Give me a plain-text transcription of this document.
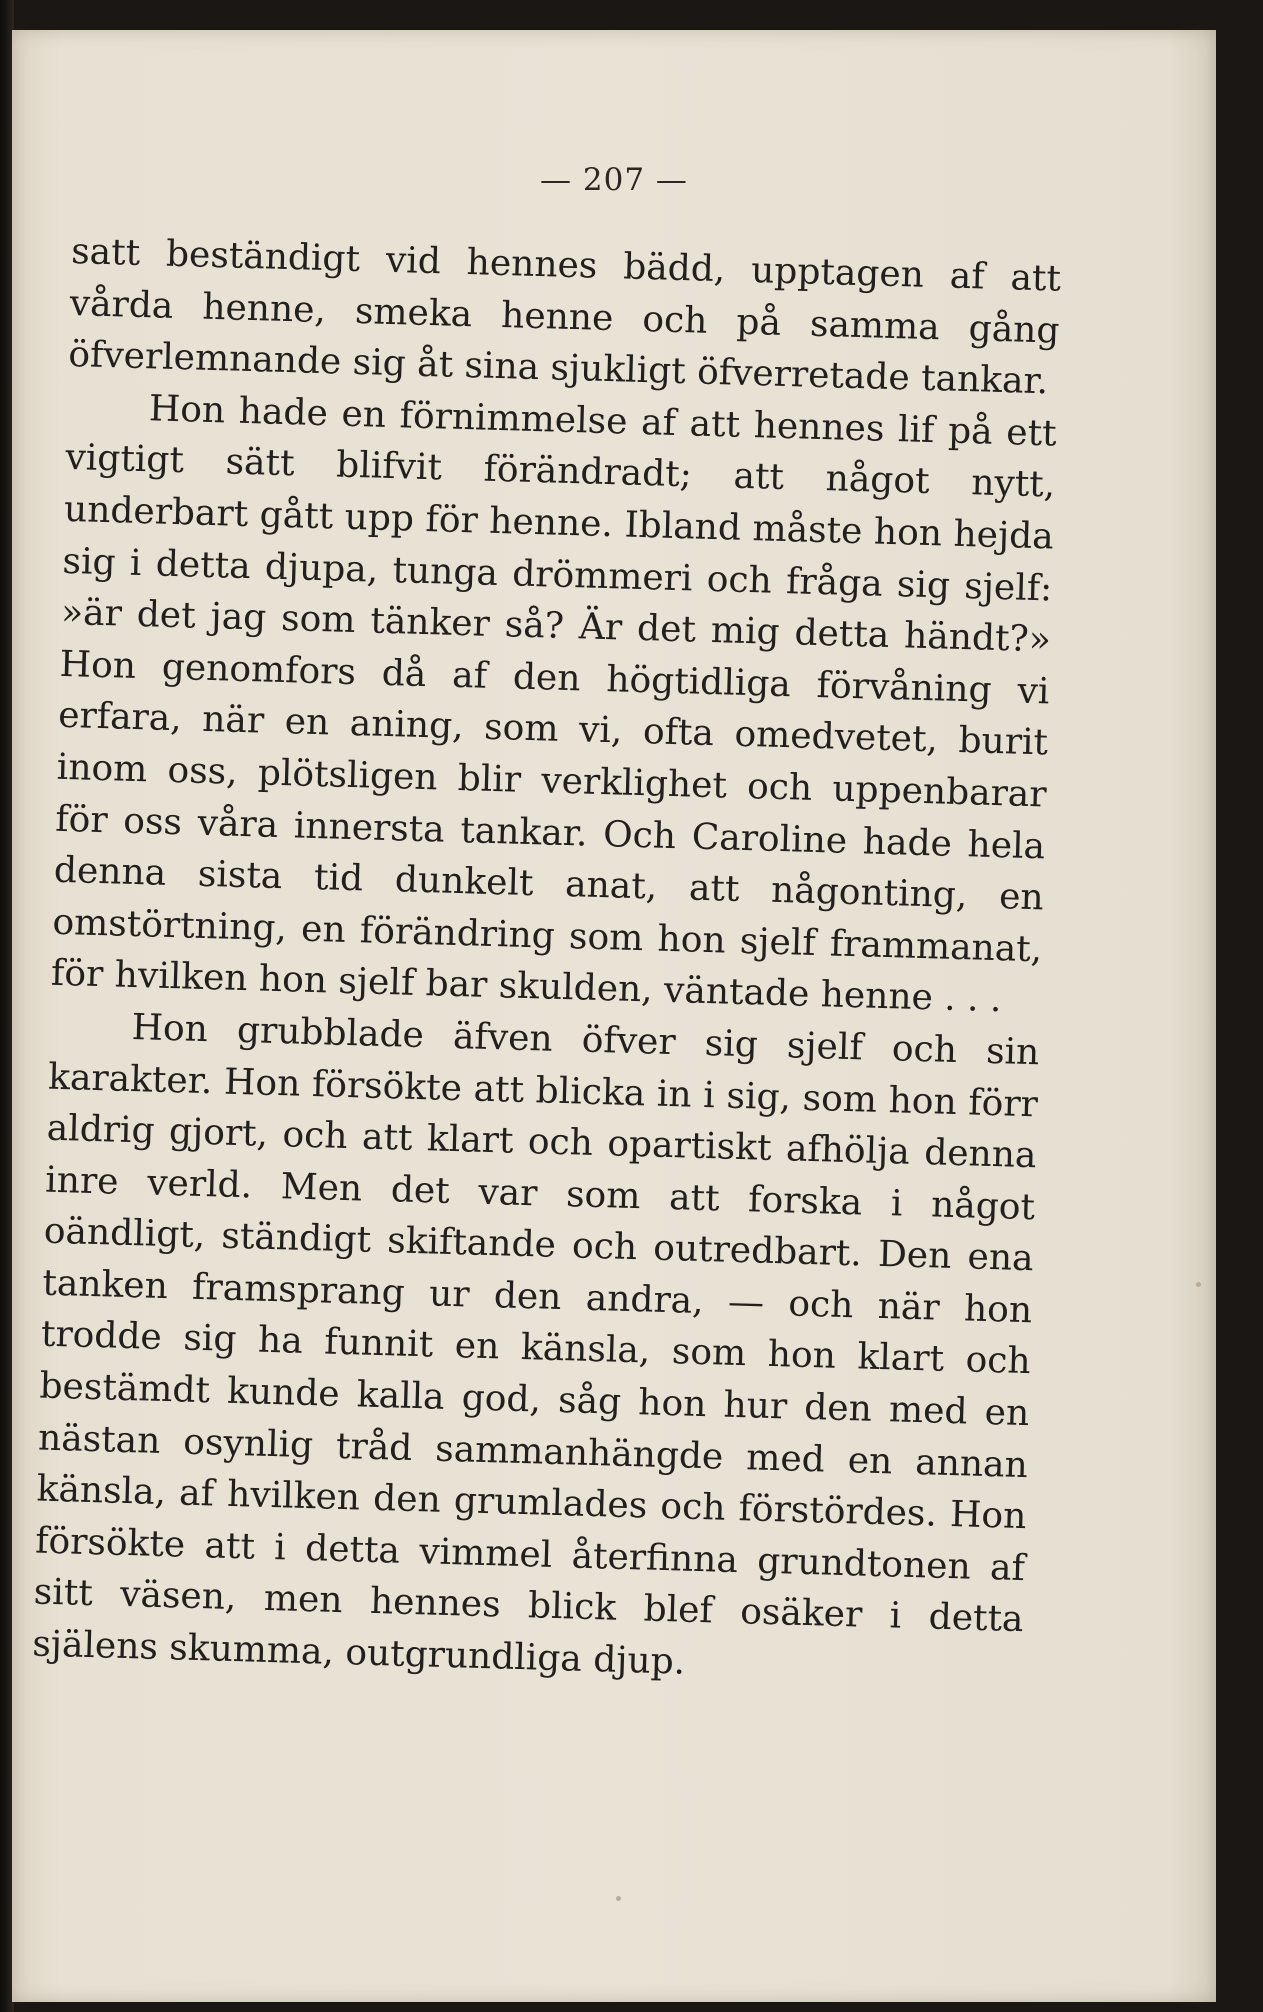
— 207 —

satt beständigt vid hennes bädd, upptagen af att vårda henne, smeka henne och på samma gång öfverlemnande sig åt sina sjukligt öfverretade tankar.

Hon hade en förnimmelse af att hennes lif på ett vigtigt sätt blifvit förändradt; att något nytt, underbart gått upp för henne. Ibland måste hon hejda sig i detta djupa, tunga drömmeri och fråga sig sjelf: »är det jag som tänker så? Är det mig detta händt?» Hon genomfors då af den högtidliga förvåning vi erfara, när en aning, som vi, ofta omedvetet, burit inom oss, plötsligen blir verklighet och uppenbarar för oss våra innersta tankar. Och Caroline hade hela denna sista tid dunkelt anat, att någonting, en omstörtning, en förändring som hon sjelf frammanat, för hvilken hon sjelf bar skulden, väntade henne . . .

Hon grubblade äfven öfver sig sjelf och sin karakter. Hon försökte att blicka in i sig, som hon förr aldrig gjort, och att klart och opartiskt afhölja denna inre verld. Men det var som att forska i något oändligt, ständigt skiftande och outredbart. Den ena tanken framsprang ur den andra, — och när hon trodde sig ha funnit en känsla, som hon klart och bestämdt kunde kalla god, såg hon hur den med en nästan osynlig tråd sammanhängde med en annan känsla, af hvilken den grumlades och förstördes. Hon försökte att i detta vimmel återfinna grundtonen af sitt väsen, men hennes blick blef osäker i detta själens skumma, outgrundliga djup.
